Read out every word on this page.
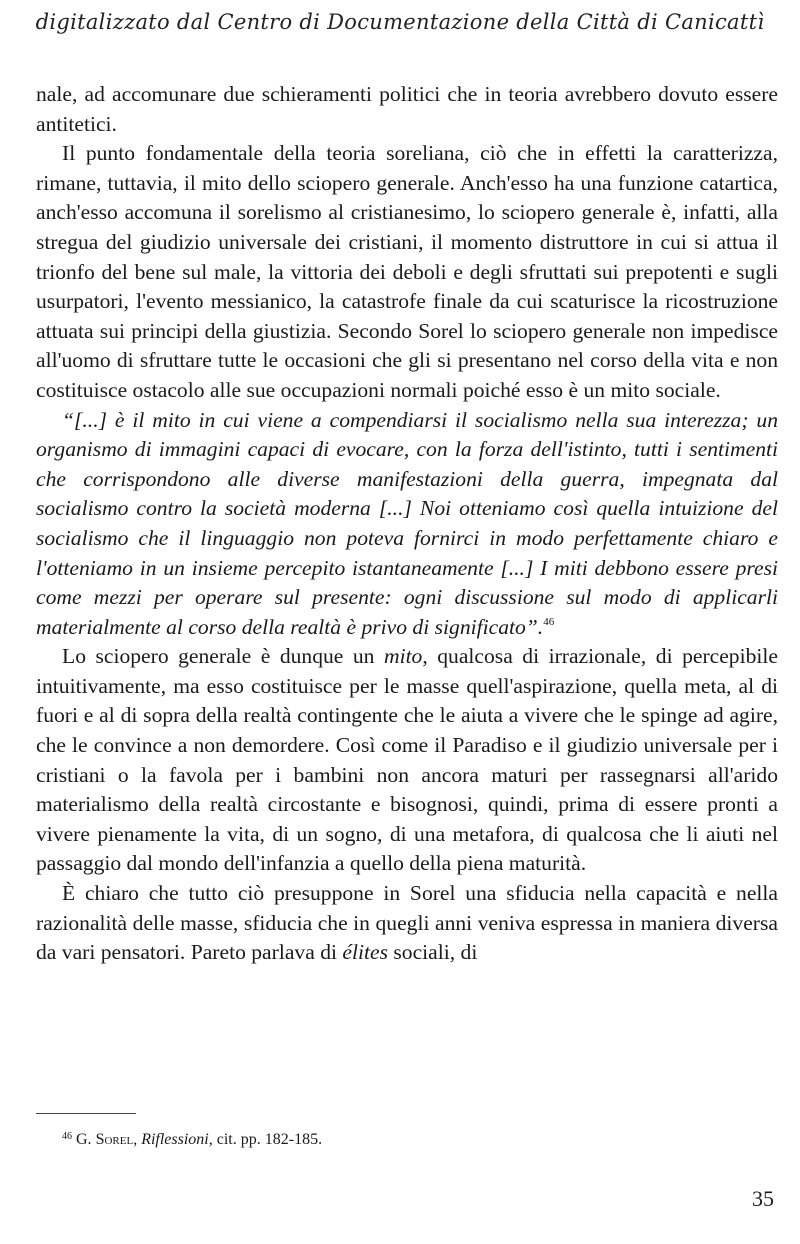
digitalizzato dal Centro di Documentazione della Città di Canicattì

nale, ad accomunare due schieramenti politici che in teoria avrebbero dovuto essere antitetici.

Il punto fondamentale della teoria soreliana, ciò che in effetti la caratterizza, rimane, tuttavia, il mito dello sciopero generale. Anch'esso ha una funzione catartica, anch'esso accomuna il sorelismo al cristianesimo, lo sciopero generale è, infatti, alla stregua del giudizio universale dei cristiani, il momento distruttore in cui si attua il trionfo del bene sul male, la vittoria dei deboli e degli sfruttati sui prepotenti e sugli usurpatori, l'evento messianico, la catastrofe finale da cui scaturisce la ricostruzione attuata sui principi della giustizia. Secondo Sorel lo sciopero generale non impedisce all'uomo di sfruttare tutte le occasioni che gli si presentano nel corso della vita e non costituisce ostacolo alle sue occupazioni normali poiché esso è un mito sociale.

“[...] è il mito in cui viene a compendiarsi il socialismo nella sua interezza; un organismo di immagini capaci di evocare, con la forza dell'istinto, tutti i sentimenti che corrispondono alle diverse manifestazioni della guerra, impegnata dal socialismo contro la società moderna [...] Noi otteniamo così quella intuizione del socialismo che il linguaggio non poteva fornirci in modo perfettamente chiaro e l'otteniamo in un insieme percepito istantaneamente [...] I miti debbono essere presi come mezzi per operare sul presente: ogni discussione sul modo di applicarli materialmente al corso della realtà è privo di significato”.$^{46}$

Lo sciopero generale è dunque un mito, qualcosa di irrazionale, di percepibile intuitivamente, ma esso costituisce per le masse quell'aspirazione, quella meta, al di fuori e al di sopra della realtà contingente che le aiuta a vivere che le spinge ad agire, che le convince a non demordere. Così come il Paradiso e il giudizio universale per i cristiani o la favola per i bambini non ancora maturi per rassegnarsi all'arido materialismo della realtà circostante e bisognosi, quindi, prima di essere pronti a vivere pienamente la vita, di un sogno, di una metafora, di qualcosa che li aiuti nel passaggio dal mondo dell'infanzia a quello della piena maturità.

È chiaro che tutto ciò presuppone in Sorel una sfiducia nella capacità e nella razionalità delle masse, sfiducia che in quegli anni veniva espressa in maniera diversa da vari pensatori. Pareto parlava di élites sociali, di

$^{46}$ G. Sorel, Riflessioni, cit. pp. 182-185.
35
